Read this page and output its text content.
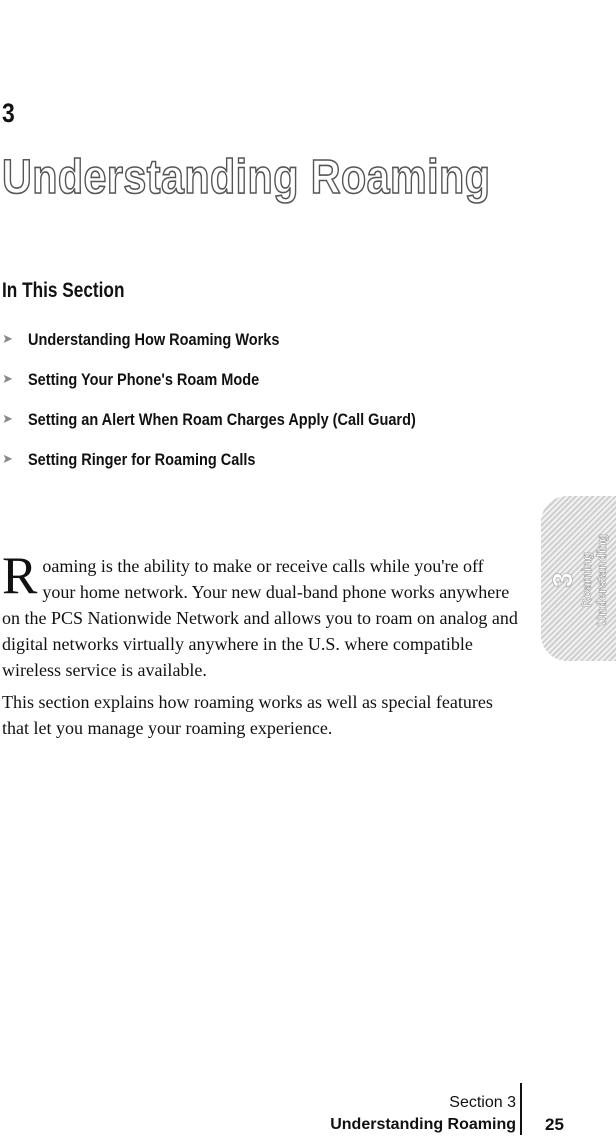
3
Understanding Roaming
In This Section
➤ Understanding How Roaming Works
➤ Setting Your Phone's Roam Mode
➤ Setting an Alert When Roam Charges Apply (Call Guard)
➤ Setting Ringer for Roaming Calls

Roaming is the ability to make or receive calls while you're off your home network. Your new dual-band phone works anywhere on the PCS Nationwide Network and allows you to roam on analog and digital networks virtually anywhere in the U.S. where compatible wireless service is available.

This section explains how roaming works as well as special features that let you manage your roaming experience.

3 Roaming Understanding
Section 3
Understanding Roaming 25
